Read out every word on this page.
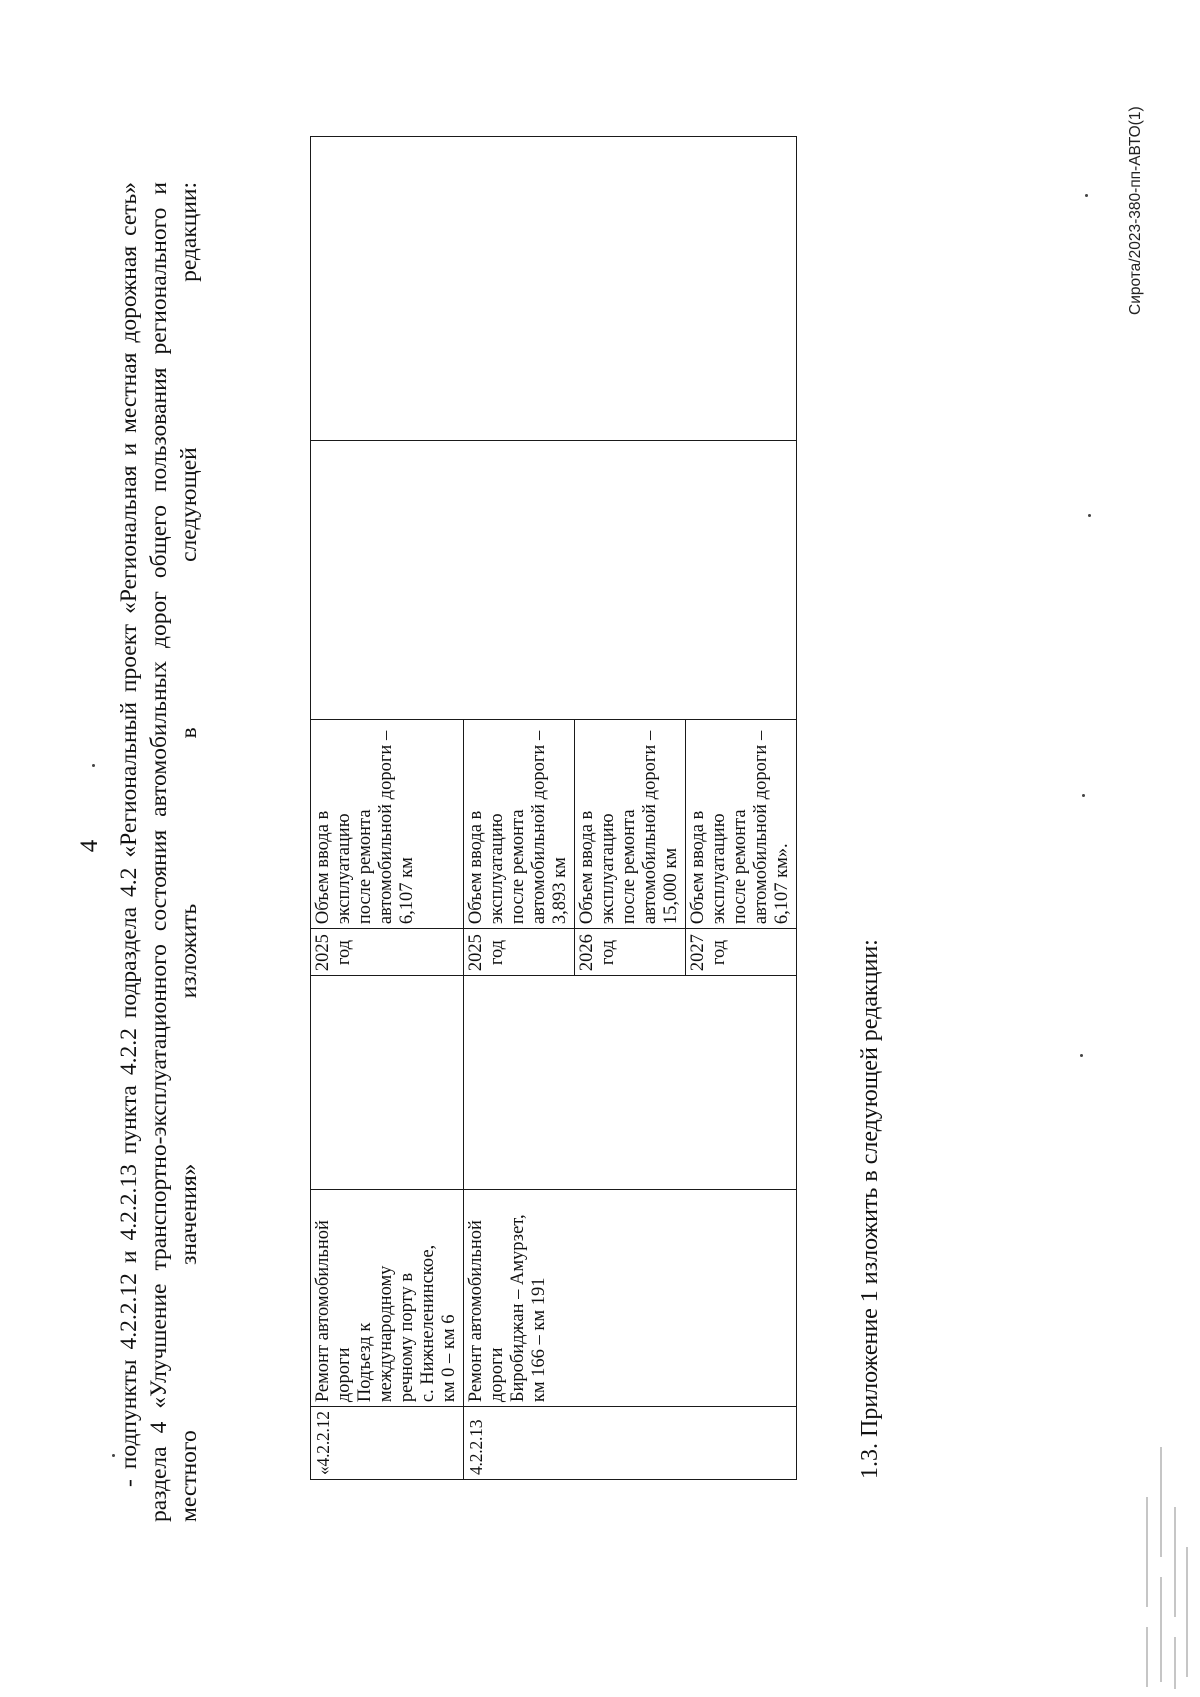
4 - подпункты 4.2.2.12 и 4.2.2.13 пункта 4.2.2 подраздела 4.2 «Региональный проект «Региональная и местная дорожная сеть» раздела 4 «Улучшение транспортно-эксплуатационного состояния автомобильных дорог общего пользования регионального и местного значения» изложить в следующей редакции:	«4.2.2.12	Ремонт автомобильной дороги Подъезд к международному речному порту в с. Нижнеленинское, км 0 – км 6		2025 год	Объем ввода в эксплуатацию после ремонта автомобильной дороги – 6,107 км		

4.2.2.13	Ремонт автомобильной дороги Биробиджан – Амурзет, км 166 – км 191		2025 год	Объем ввода в эксплуатацию после ремонта автомобильной дороги – 3,893 км		

			2026 год	Объем ввода в эксплуатацию после ремонта автомобильной дороги – 15,000 км		

			2027 год	Объем ввода в эксплуатацию после ремонта автомобильной дороги – 6,107 км».		
1.3. Приложение 1 изложить в следующей редакции:
Сирота/2023-380-пп-АВТО(1)
